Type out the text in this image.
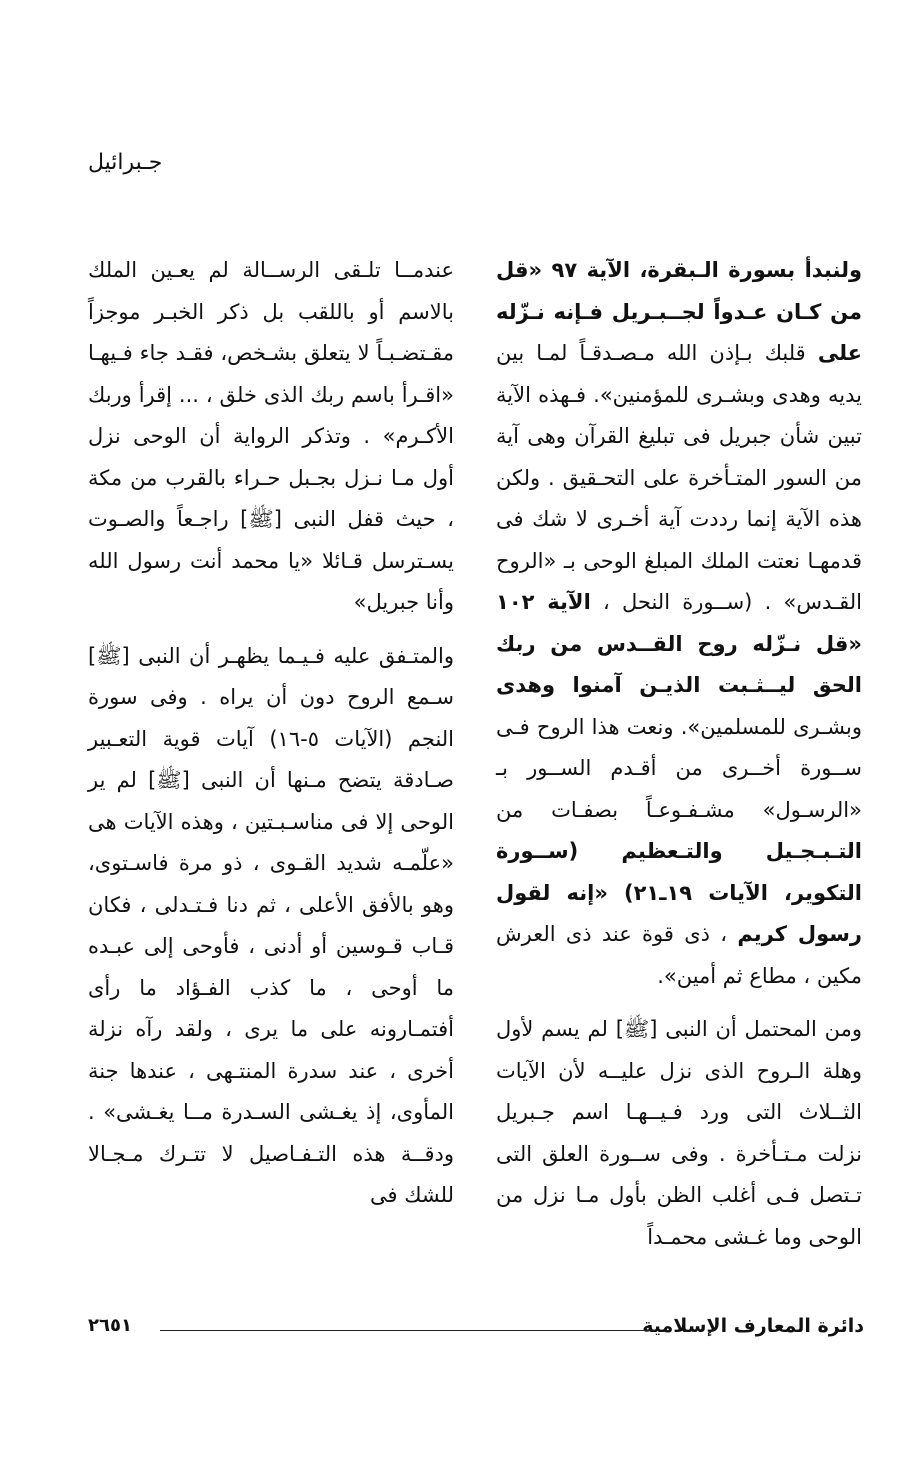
جـبرائيل

ولنبدأ بسورة الـبقرة، الآية ٩٧ «قل من كـان عـدواً لجــبـريل فـإنه نـزّله على قلبك بـإذن الله مـصـدقـاً لمـا بين يديه وهدى وبشـرى للمؤمنين». فـهذه الآية تبين شأن جبريل فى تبليغ القرآن وهى آية من السور المتـأخرة على التحـقيق . ولكن هذه الآية إنما رددت آية أخـرى لا شك فى قدمهـا نعتت الملك المبلغ الوحى بـ «الروح القـدس» . (ســورة النحل ، الآية ١٠٢ «قل نـزّله روح القــدس من ربك الحق ليــثـبت الذيـن آمنوا وهدى وبشـرى للمسلمين». ونعت هذا الروح فـى ســورة أخــرى من أقـدم الســور بـ «الرسـول» مشـفـوعـاً بصفـات من التـبـجـيل والتـعظيم (ســورة التكوير، الآيات ١٩ـ٢١) «إنه لقول رسول كريم ، ذى قوة عند ذى العرش مكين ، مطاع ثم أمين».

ومن المحتمل أن النبى [ﷺ] لم يسم لأول وهلة الـروح الذى نزل عليــه لأن الآيات الثــلاث التى ورد فـيــهـا اسم جـبريل نزلت مـتـأخرة . وفى ســورة العلق التى تـتصل فـى أغلب الظن بأول مـا نزل من الوحى وما غـشى محمـداً

عندمــا تلـقى الرســالة لم يعـين الملك بالاسم أو باللقب بل ذكر الخبـر موجزاً مقـتضـبـاً لا يتعلق بشـخص، فقـد جاء فـيهـا «اقـرأ باسم ربك الذى خلق ، ... إقرأ وربك الأكـرم» . وتذكر الرواية أن الوحى نزل أول مـا نـزل بجـبل حـراء بالقرب من مكة ، حيث قفل النبى [ﷺ] راجـعاً والصـوت يسـترسل قـائلا «يا محمد أنت رسول الله وأنا جبريل»

والمتـفق عليه فـيـما يظهـر أن النبى [ﷺ] سـمع الروح دون أن يراه . وفى سورة النجم (الآيات ٥-١٦) آيات قوية التعـبير صـادقة يتضح مـنها أن النبى [ﷺ] لم ير الوحى إلا فى مناسـبـتين ، وهذه الآيات هى «علّمـه شديد القـوى ، ذو مرة فاسـتوى، وهو بالأفق الأعلى ، ثم دنا فـتـدلى ، فكان قـاب قـوسين أو أدنى ، فأوحى إلى عبـده ما أوحى ، ما كذب الفـؤاد ما رأى أفتمـارونه على ما يرى ، ولقد رآه نزلة أخرى ، عند سدرة المنتـهى ، عندها جنة المأوى، إذ يغـشى السـدرة مــا يغـشى» . ودقــة هذه التـفـاصيل لا تتـرك مـجـالا للشك فى

دائرة المعارف الإسلامية
٢٦٥١
